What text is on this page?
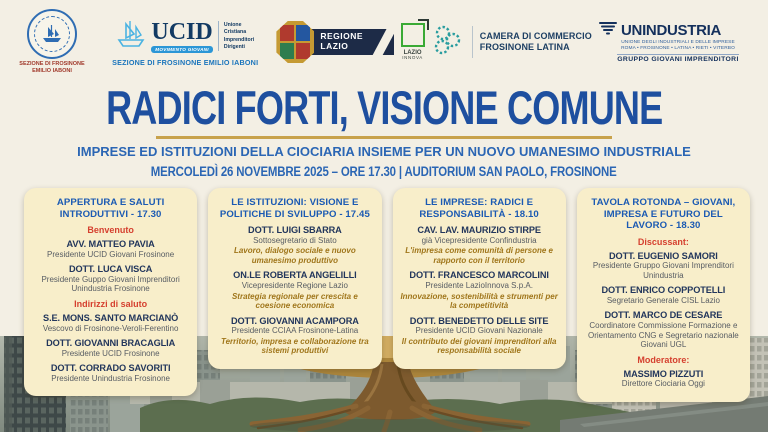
SEZIONE DI FROSINONE
EMILIO IABONI
UCID
MOVIMENTO GIOVANI
Unione
Cristiana
Imprenditori
Dirigenti
SEZIONE DI FROSINONE EMILIO IABONI
REGIONE
LAZIO
LAZIO
INNOVA
CAMERA DI COMMERCIO
FROSINONE LATINA
UNINDUSTRIA
UNIONE DEGLI INDUSTRIALI E DELLE IMPRESE
ROMA • FROSINONE • LATINA • RIETI • VITERBO
GRUPPO GIOVANI IMPRENDITORI
RADICI FORTI, VISIONE COMUNE
IMPRESE ED ISTITUZIONI DELLA CIOCIARIA INSIEME PER UN NUOVO UMANESIMO INDUSTRIALE
MERCOLEDÌ 26 NOVEMBRE 2025 – ORE 17.30 | AUDITORIUM SAN PAOLO, FROSINONE
APPERTURA E SALUTI INTRODUTTIVI - 17.30
Benvenuto
AVV. MATTEO PAVIA
Presidente UCID Giovani Frosinone
DOTT. LUCA VISCA
Presidente Guppo Giovani Imprenditori Unindustria Frosinone
Indirizzi di saluto
S.E. MONS. SANTO MARCIANÒ
Vescovo di Frosinone-Veroli-Ferentino
DOTT. GIOVANNI BRACAGLIA
Presidente UCID Frosinone
DOTT. CORRADO SAVORITI
Presidente Unindustria Frosinone
LE ISTITUZIONI: VISIONE E POLITICHE DI SVILUPPO - 17.45
DOTT. LUIGI SBARRA
Sottosegretario di Stato
Lavoro, dialogo sociale e nuovo umanesimo produttivo
ON.LE ROBERTA ANGELILLI
Vicepresidente Regione Lazio
Strategia regionale per crescita e coesione economica
DOTT. GIOVANNI ACAMPORA
Presidente CCIAA Frosinone-Latina
Territorio, impresa e collaborazione tra sistemi produttivi
LE IMPRESE: RADICI E RESPONSABILITÀ - 18.10
CAV. LAV. MAURIZIO STIRPE
già Vicepresidente Confindustria
L'impresa come comunità di persone e rapporto con il territorio
DOTT. FRANCESCO MARCOLINI
Presidente LazioInnova S.p.A.
Innovazione, sostenibilità e strumenti per la competitività
DOTT. BENEDETTO DELLE SITE
Presidente UCID Giovani Nazionale
Il contributo dei giovani imprenditori alla responsabilità sociale
TAVOLA ROTONDA – GIOVANI, IMPRESA E FUTURO DEL LAVORO - 18.30
Discussant:
DOTT. EUGENIO SAMORI
Presidente Gruppo Giovani Imprenditori Unindustria
DOTT. ENRICO COPPOTELLI
Segretario Generale CISL Lazio
DOTT. MARCO DE CESARE
Coordinatore Commissione Formazione e Orientamento CNG e Segretario nazionale Giovani UGL
Moderatore:
MASSIMO PIZZUTI
Direttore Ciociaria Oggi
